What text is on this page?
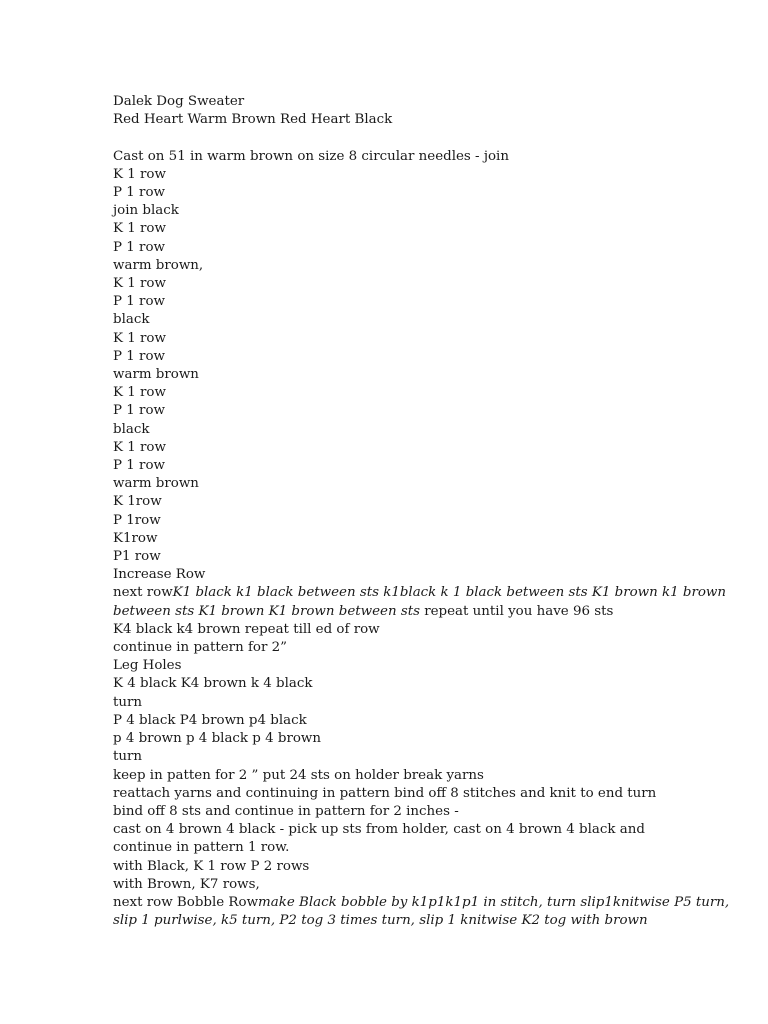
Dalek Dog Sweater
Red Heart Warm Brown Red Heart Black
Cast on 51 in warm brown on size 8 circular needles - join
K 1 row
P 1 row
join black
K 1 row
P 1 row
warm brown,
K 1 row
P 1 row
black
K 1 row
P 1 row
warm brown
K 1 row
P 1 row
black
K 1 row
P 1 row
warm brown
K 1row
P 1row
K1row
P1 row
Increase Row
next rowK1 black k1 black between sts k1black k 1 black between sts K1 brown k1 brown between sts K1 brown K1 brown between sts repeat until you have 96 sts
K4 black k4 brown repeat till ed of row
continue in pattern for 2”
Leg Holes
K 4 black K4 brown k 4 black
turn
P 4 black P4 brown p4 black
p 4 brown p 4 black p 4 brown
turn
keep in patten for 2 ” put 24 sts on holder break yarns
reattach yarns and continuing in pattern bind off 8 stitches and knit to end turn
bind off 8 sts and continue in pattern for 2 inches -
cast on 4 brown 4 black - pick up sts from holder, cast on 4 brown 4 black and
continue in pattern 1 row.
with Black, K 1 row P 2 rows
with Brown, K7 rows,
next row Bobble Rowmake Black bobble by k1p1k1p1 in stitch, turn slip1knitwise P5 turn, slip 1 purlwise, k5 turn, P2 tog 3 times turn, slip 1 knitwise K2 tog with brown
